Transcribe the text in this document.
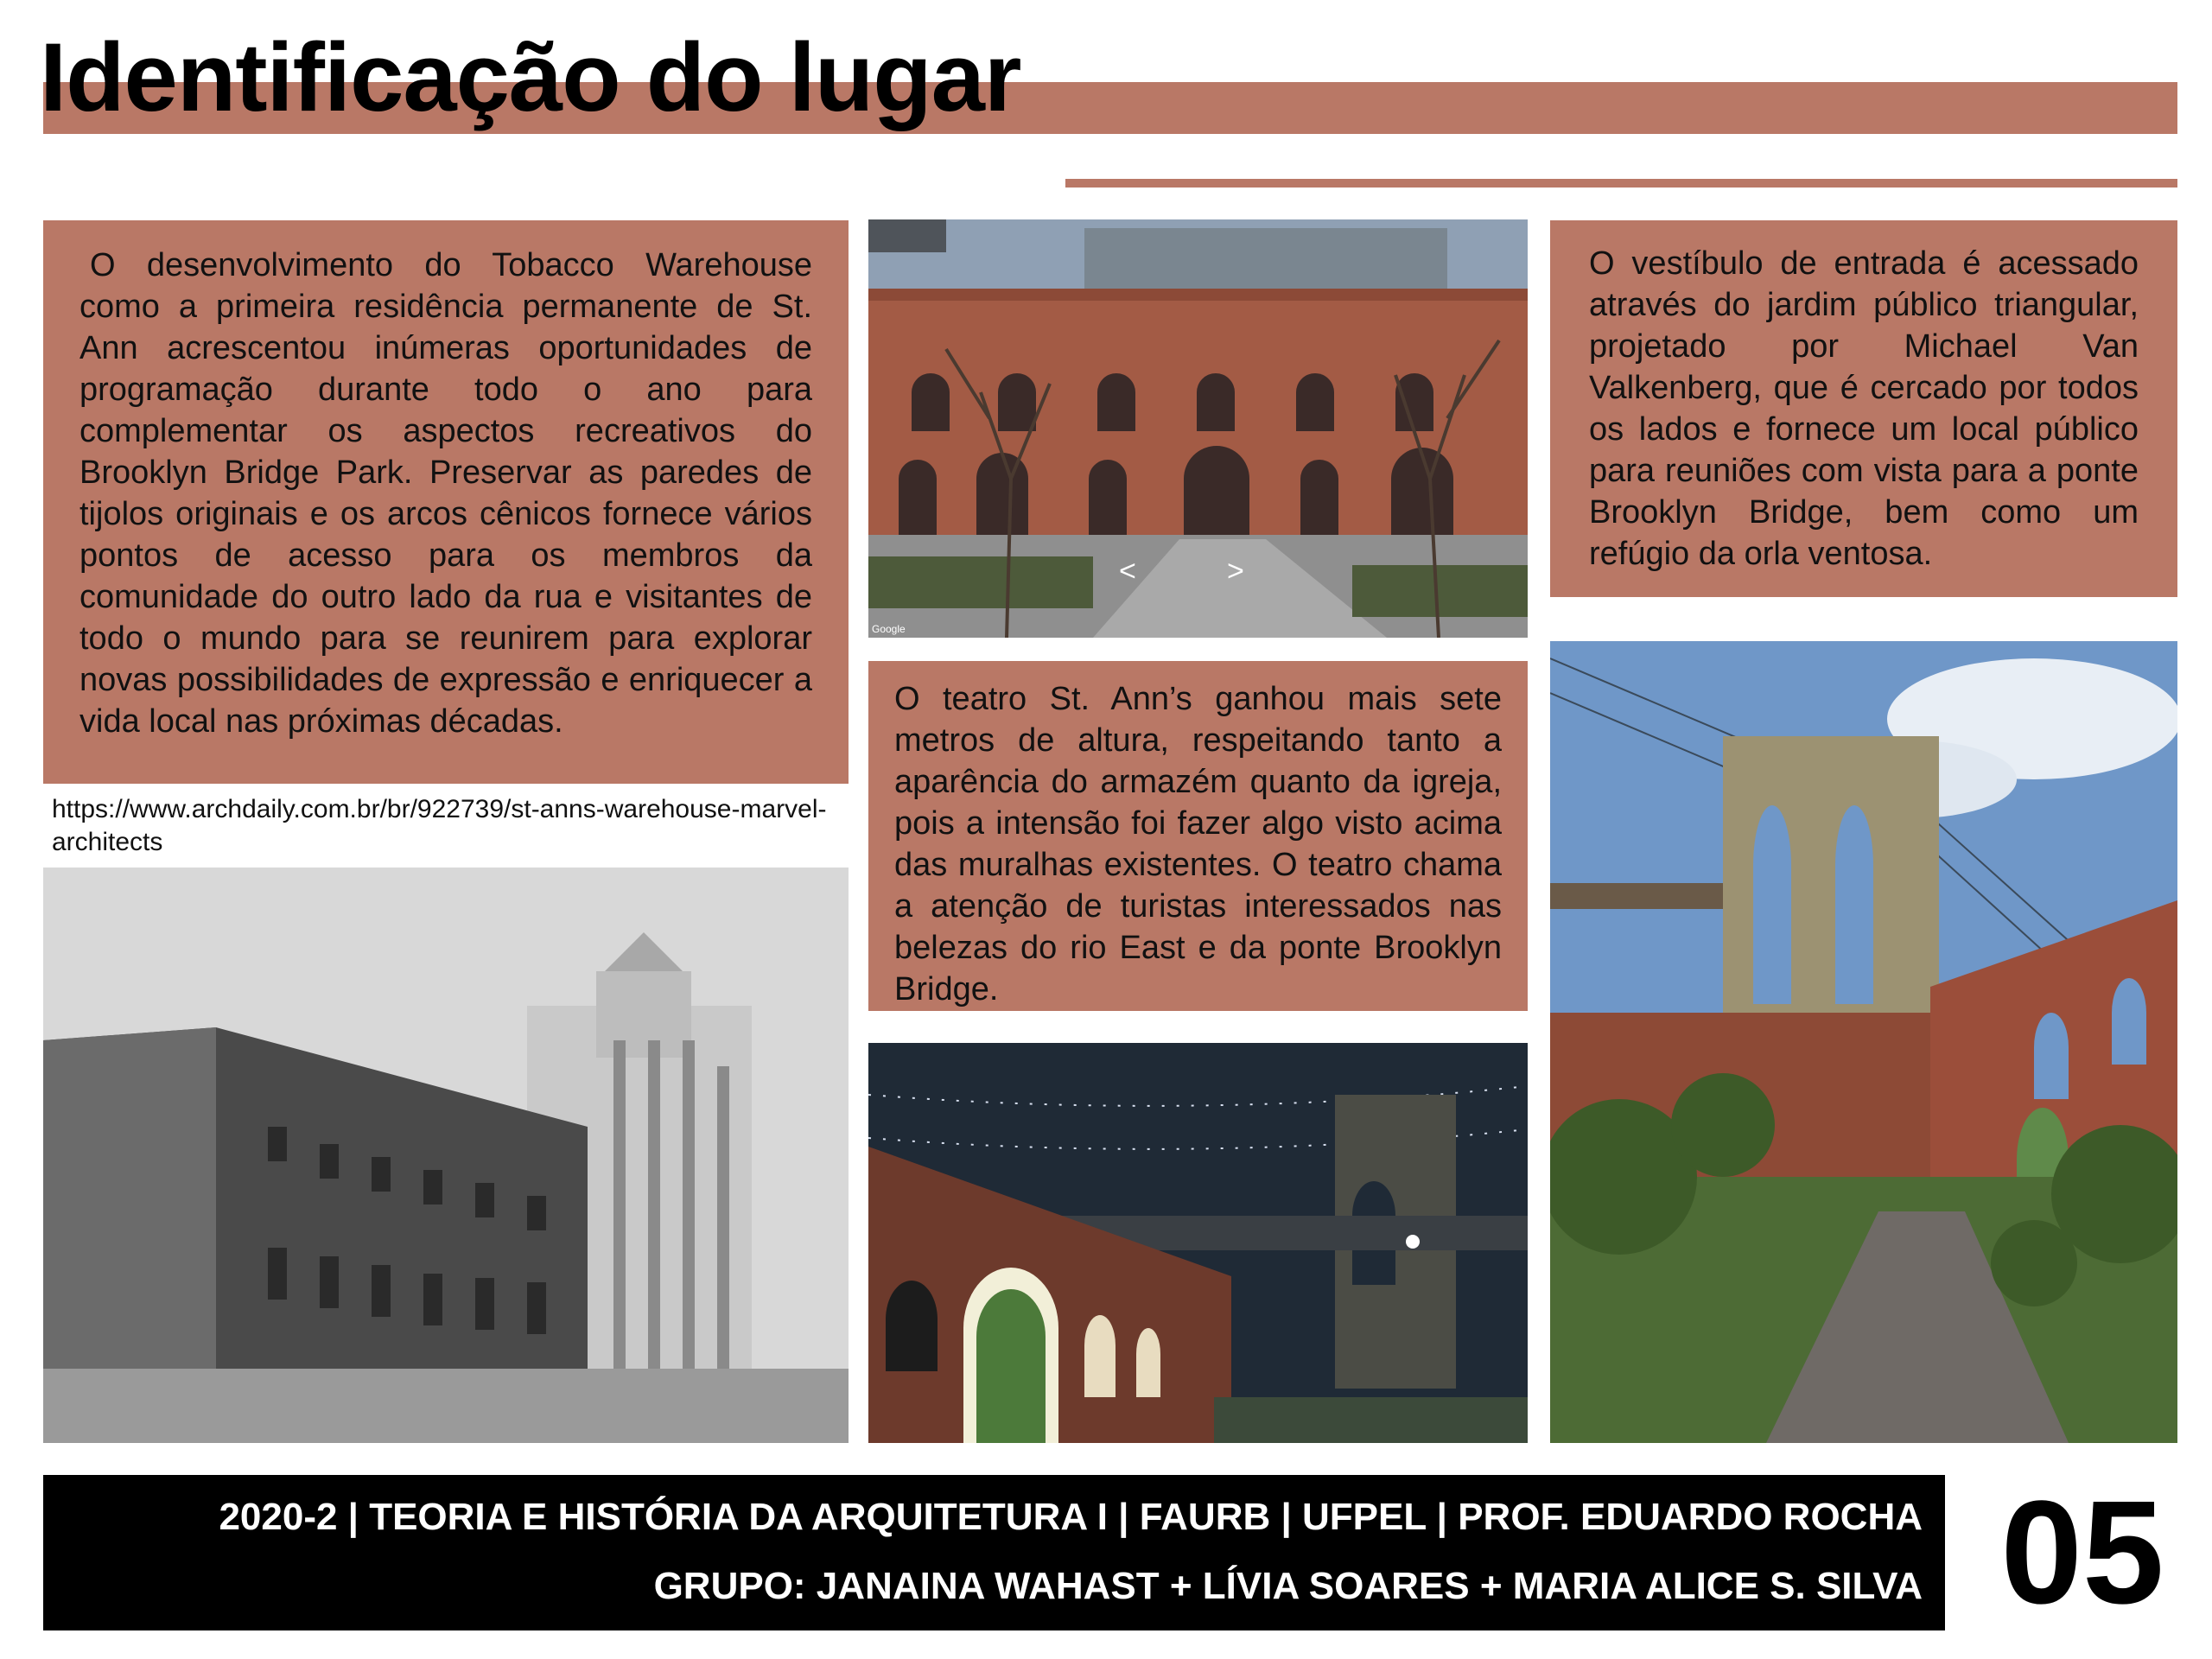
Identificação do lugar

O desenvolvimento do Tobacco Warehouse como a primeira residência permanente de St. Ann acrescentou inúmeras oportunidades de programação durante todo o ano para complementar os aspectos recreativos do Brooklyn Bridge Park. Preservar as paredes de tijolos originais e os arcos cênicos fornece vários pontos de acesso para os membros da comunidade do outro lado da rua e visitantes de todo o mundo para se reunirem para explorar novas possibilidades de expressão e enriquecer a vida local nas próximas décadas.

https://www.archdaily.com.br/br/922739/st-anns-warehouse-marvel-architects
<	>
Google

O teatro St. Ann’s ganhou mais sete metros de altura, respeitando tanto a aparência do armazém quanto da igreja, pois a intensão foi fazer algo visto acima das muralhas existentes. O teatro chama a atenção de turistas interessados nas belezas do rio East e da ponte Brooklyn Bridge.

O vestíbulo de entrada é acessado através do jardim público triangular, projetado por Michael Van Valkenberg, que é cercado por todos os lados e fornece um local público para reuniões com vista para a ponte Brooklyn Bridge, bem como um refúgio da orla ventosa.

2020-2 | TEORIA E HISTÓRIA DA ARQUITETURA I | FAURB | UFPEL | PROF. EDUARDO ROCHA
GRUPO: JANAINA WAHAST + LÍVIA SOARES + MARIA ALICE S. SILVA 05
